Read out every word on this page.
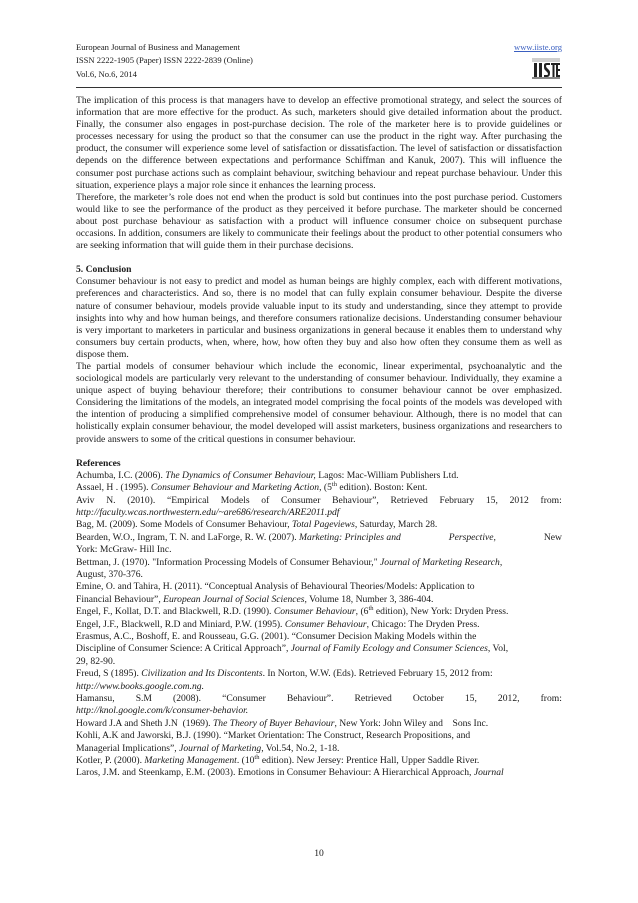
European Journal of Business and Management
ISSN 2222-1905 (Paper) ISSN 2222-2839 (Online)
Vol.6, No.6, 2014
www.iiste.org

The implication of this process is that managers have to develop an effective promotional strategy, and select the sources of information that are more effective for the product. As such, marketers should give detailed information about the product. Finally, the consumer also engages in post-purchase decision. The role of the marketer here is to provide guidelines or processes necessary for using the product so that the consumer can use the product in the right way. After purchasing the product, the consumer will experience some level of satisfaction or dissatisfaction. The level of satisfaction or dissatisfaction depends on the difference between expectations and performance Schiffman and Kanuk, 2007). This will influence the consumer post purchase actions such as complaint behaviour, switching behaviour and repeat purchase behaviour. Under this situation, experience plays a major role since it enhances the learning process.

Therefore, the marketer’s role does not end when the product is sold but continues into the post purchase period. Customers would like to see the performance of the product as they perceived it before purchase. The marketer should be concerned about post purchase behaviour as satisfaction with a product will influence consumer choice on subsequent purchase occasions. In addition, consumers are likely to communicate their feelings about the product to other potential consumers who are seeking information that will guide them in their purchase decisions.

5. Conclusion

Consumer behaviour is not easy to predict and model as human beings are highly complex, each with different motivations, preferences and characteristics. And so, there is no model that can fully explain consumer behaviour. Despite the diverse nature of consumer behaviour, models provide valuable input to its study and understanding, since they attempt to provide insights into why and how human beings, and therefore consumers rationalize decisions. Understanding consumer behaviour is very important to marketers in particular and business organizations in general because it enables them to understand why consumers buy certain products, when, where, how, how often they buy and also how often they consume them as well as dispose them.

The partial models of consumer behaviour which include the economic, linear experimental, psychoanalytic and the sociological models are particularly very relevant to the understanding of consumer behaviour. Individually, they examine a unique aspect of buying behaviour therefore; their contributions to consumer behaviour cannot be over emphasized. Considering the limitations of the models, an integrated model comprising the focal points of the models was developed with the intention of producing a simplified comprehensive model of consumer behaviour. Although, there is no model that can holistically explain consumer behaviour, the model developed will assist marketers, business organizations and researchers to provide answers to some of the critical questions in consumer behaviour.

References

Achumba, I.C. (2006). The Dynamics of Consumer Behaviour, Lagos: Mac-William Publishers Ltd.

Assael, H . (1995). Consumer Behaviour and Marketing Action, (5th edition). Boston: Kent.

Aviv N. (2010). “Empirical Models of Consumer Behaviour”, Retrieved February 15, 2012 from:

http://faculty.wcas.northwestern.edu/~are686/research/ARE2011.pdf

Bag, M. (2009). Some Models of Consumer Behaviour, Total Pageviews, Saturday, March 28.

Bearden, W.O., Ingram, T. N. and LaForge, R. W. (2007). Marketing: Principles and	Perspective,	New

York: McGraw- Hill Inc.

Bettman, J. (1970). "Information Processing Models of Consumer Behaviour," Journal of Marketing Research,

August, 370-376.

Emine, O. and Tahira, H. (2011). “Conceptual Analysis of Behavioural Theories/Models: Application to

Financial Behaviour”, European Journal of Social Sciences, Volume 18, Number 3, 386-404.

Engel, F., Kollat, D.T. and Blackwell, R.D. (1990). Consumer Behaviour, (6th edition), New York: Dryden Press.

Engel, J.F., Blackwell, R.D and Miniard, P.W. (1995). Consumer Behaviour, Chicago: The Dryden Press.

Erasmus, A.C., Boshoff, E. and Rousseau, G.G. (2001). “Consumer Decision Making Models within the

Discipline of Consumer Science: A Critical Approach”, Journal of Family Ecology and Consumer Sciences, Vol,

29, 82-90.

Freud, S (1895). Civilization and Its Discontents. In Norton, W.W. (Eds). Retrieved February 15, 2012 from:

http://www.books.google.com.ng.

Hamansu, S.M (2008). “Consumer Behaviour”. Retrieved October 15, 2012, from:

http://knol.google.com/k/consumer-behavior.

Howard J.A and Sheth J.N  (1969). The Theory of Buyer Behaviour, New York: John Wiley and    Sons Inc.

Kohli, A.K and Jaworski, B.J. (1990). “Market Orientation: The Construct, Research Propositions, and

Managerial Implications”, Journal of Marketing, Vol.54, No.2, 1-18.

Kotler, P. (2000). Marketing Management. (10th edition). New Jersey: Prentice Hall, Upper Saddle River.

Laros, J.M. and Steenkamp, E.M. (2003). Emotions in Consumer Behaviour: A Hierarchical Approach, Journal

10
